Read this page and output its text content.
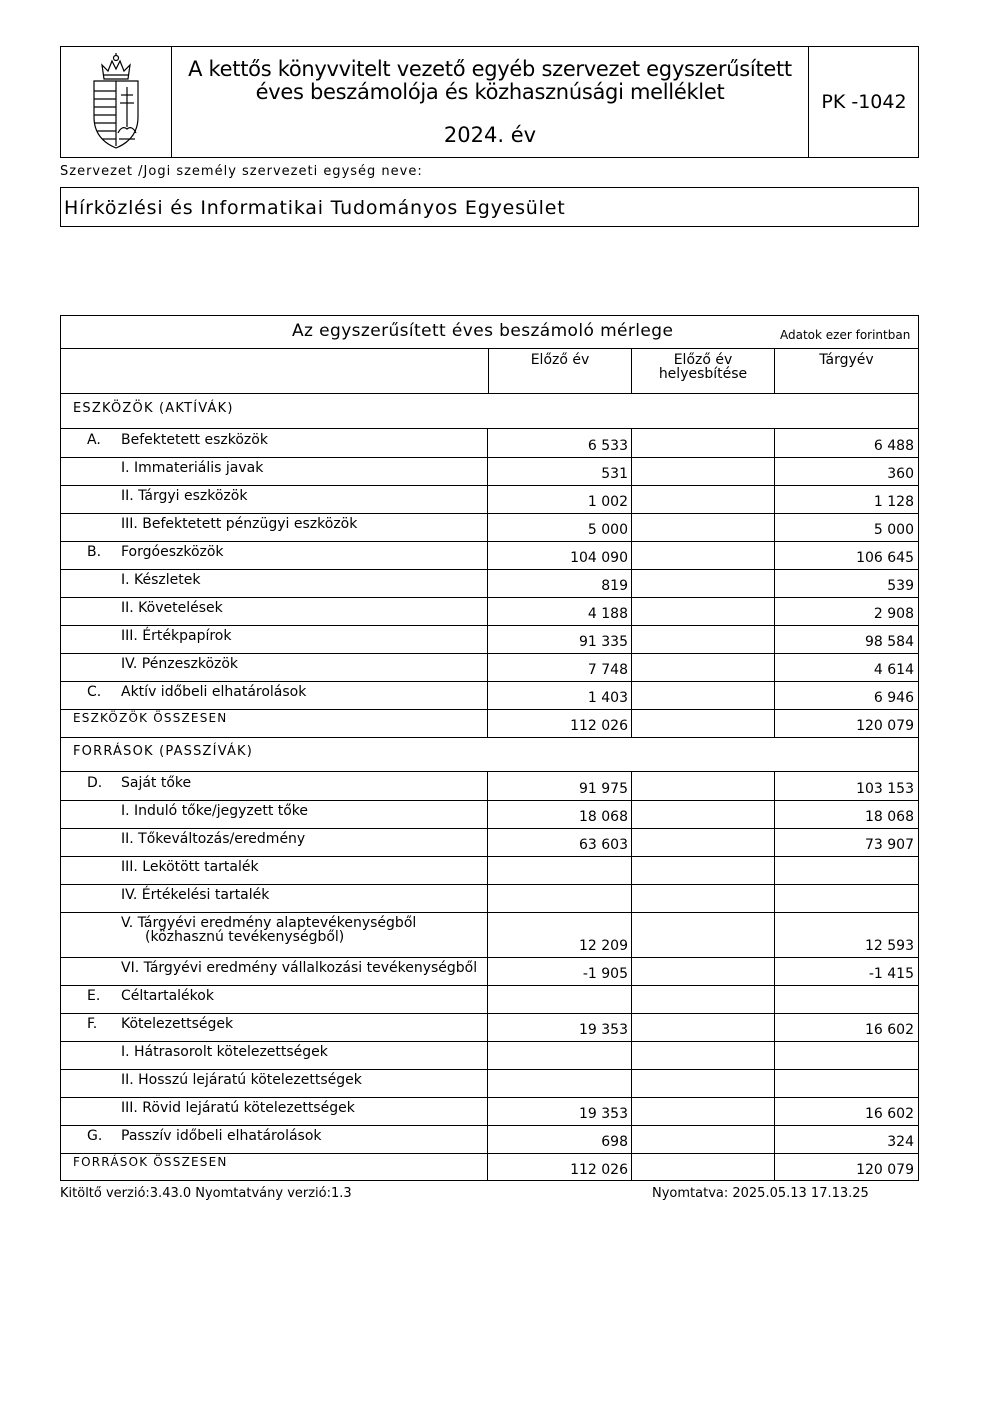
A kettős könyvvitelt vezető egyéb szervezet egyszerűsített
éves beszámolója és közhasznúsági melléklet
2024. év
PK -1042
Szervezet /Jogi személy szervezeti egység neve:
Hírközlési és Informatikai Tudományos Egyesület
Az egyszerűsített éves beszámoló mérlege	Adatok ezer forintban
Előző év	Előző év
helyesbítése
Tárgyév
ESZKÖZÖK (AKTÍVÁK)
FORRÁSOK (PASSZÍVÁK)
A. Befektetett eszközök	6 533	6 488
I. Immateriális javak	531	360
II. Tárgyi eszközök	1 002	1 128
III. Befektetett pénzügyi eszközök	5 000	5 000
B. Forgóeszközök	104 090	106 645
I. Készletek	819	539
II. Követelések	4 188	2 908
III. Értékpapírok	91 335	98 584
IV. Pénzeszközök	7 748	4 614
C. Aktív időbeli elhatárolások	1 403	6 946
ESZKÖZÖK ÖSSZESEN	112 026	120 079
D. Saját tőke	91 975	103 153
I. Induló tőke/jegyzett tőke	18 068	18 068
II. Tőkeváltozás/eredmény	63 603	73 907
III. Lekötött tartalék
IV. Értékelési tartalék
V. Tárgyévi eredmény alaptevékenységből
(közhasznú tevékenységből)
12 209	12 593
VI. Tárgyévi eredmény vállalkozási tevékenységből	-1 905	-1 415
E. Céltartalékok
F. Kötelezettségek	19 353	16 602
I. Hátrasorolt kötelezettségek
II. Hosszú lejáratú kötelezettségek
III. Rövid lejáratú kötelezettségek	19 353	16 602
G. Passzív időbeli elhatárolások	698	324
FORRÁSOK ÖSSZESEN	112 026	120 079
Kitöltő verzió:3.43.0 Nyomtatvány verzió:1.3	Nyomtatva: 2025.05.13 17.13.25
